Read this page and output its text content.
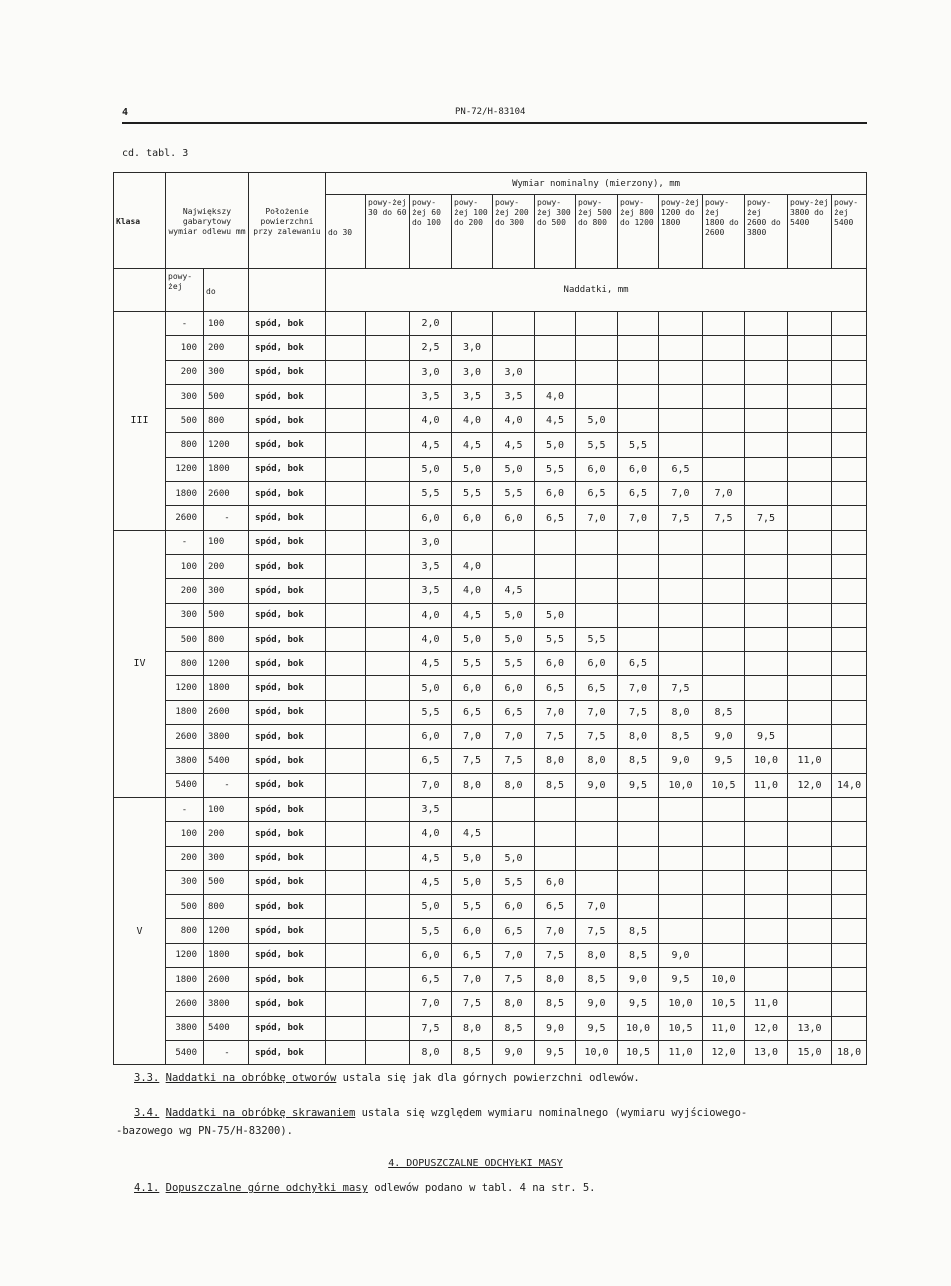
4	PN-72/H-83104
cd. tabl. 3
Klasa	Największy gabarytowy wymiar odlewu mm		Położenie powierzchni przy zalewaniu	Wymiar nominalny (mierzony), mm												
				do 30	powy-żej 30 do 60	powy-żej 60 do 100	powy-żej 100 do 200	powy-żej 200 do 300	powy-żej 300 do 500	powy-żej 500 do 800	powy-żej 800 do 1200	powy-żej 1200 do 1800	powy-żej 1800 do 2600	powy-żej 2600 do 3800	powy-żej 3800 do 5400	powy-żej 5400
	powy-żej	do		Naddatki, mm												
III	-	100	spód, bok			2,0										
	100	200	spód, bok			2,5	3,0									
	200	300	spód, bok			3,0	3,0	3,0								
	300	500	spód, bok			3,5	3,5	3,5	4,0							
	500	800	spód, bok			4,0	4,0	4,0	4,5	5,0						
	800	1200	spód, bok			4,5	4,5	4,5	5,0	5,5	5,5					
	1200	1800	spód, bok			5,0	5,0	5,0	5,5	6,0	6,0	6,5				
	1800	2600	spód, bok			5,5	5,5	5,5	6,0	6,5	6,5	7,0	7,0			
	2600	-	spód, bok			6,0	6,0	6,0	6,5	7,0	7,0	7,5	7,5	7,5		
IV	-	100	spód, bok			3,0										
	100	200	spód, bok			3,5	4,0									
	200	300	spód, bok			3,5	4,0	4,5								
	300	500	spód, bok			4,0	4,5	5,0	5,0							
	500	800	spód, bok			4,0	5,0	5,0	5,5	5,5						
	800	1200	spód, bok			4,5	5,5	5,5	6,0	6,0	6,5					
	1200	1800	spód, bok			5,0	6,0	6,0	6,5	6,5	7,0	7,5				
	1800	2600	spód, bok			5,5	6,5	6,5	7,0	7,0	7,5	8,0	8,5			
	2600	3800	spód, bok			6,0	7,0	7,0	7,5	7,5	8,0	8,5	9,0	9,5		
	3800	5400	spód, bok			6,5	7,5	7,5	8,0	8,0	8,5	9,0	9,5	10,0	11,0	
	5400	-	spód, bok			7,0	8,0	8,0	8,5	9,0	9,5	10,0	10,5	11,0	12,0	14,0
V	-	100	spód, bok			3,5										
	100	200	spód, bok			4,0	4,5									
	200	300	spód, bok			4,5	5,0	5,0								
	300	500	spód, bok			4,5	5,0	5,5	6,0							
	500	800	spód, bok			5,0	5,5	6,0	6,5	7,0						
	800	1200	spód, bok			5,5	6,0	6,5	7,0	7,5	8,5					
	1200	1800	spód, bok			6,0	6,5	7,0	7,5	8,0	8,5	9,0				
	1800	2600	spód, bok			6,5	7,0	7,5	8,0	8,5	9,0	9,5	10,0			
	2600	3800	spód, bok			7,0	7,5	8,0	8,5	9,0	9,5	10,0	10,5	11,0		
	3800	5400	spód, bok			7,5	8,0	8,5	9,0	9,5	10,0	10,5	11,0	12,0	13,0	
	5400	-	spód, bok			8,0	8,5	9,0	9,5	10,0	10,5	11,0	12,0	13,0	15,0	18,0
3.3. Naddatki na obróbkę otworów ustala się jak dla górnych powierzchni odlewów.
3.4. Naddatki na obróbkę skrawaniem ustala się względem wymiaru nominalnego (wymiaru wyjściowego-
-bazowego wg PN-75/H-83200).
4. DOPUSZCZALNE ODCHYŁKI MASY
4.1. Dopuszczalne górne odchyłki masy odlewów podano w tabl. 4 na str. 5.
